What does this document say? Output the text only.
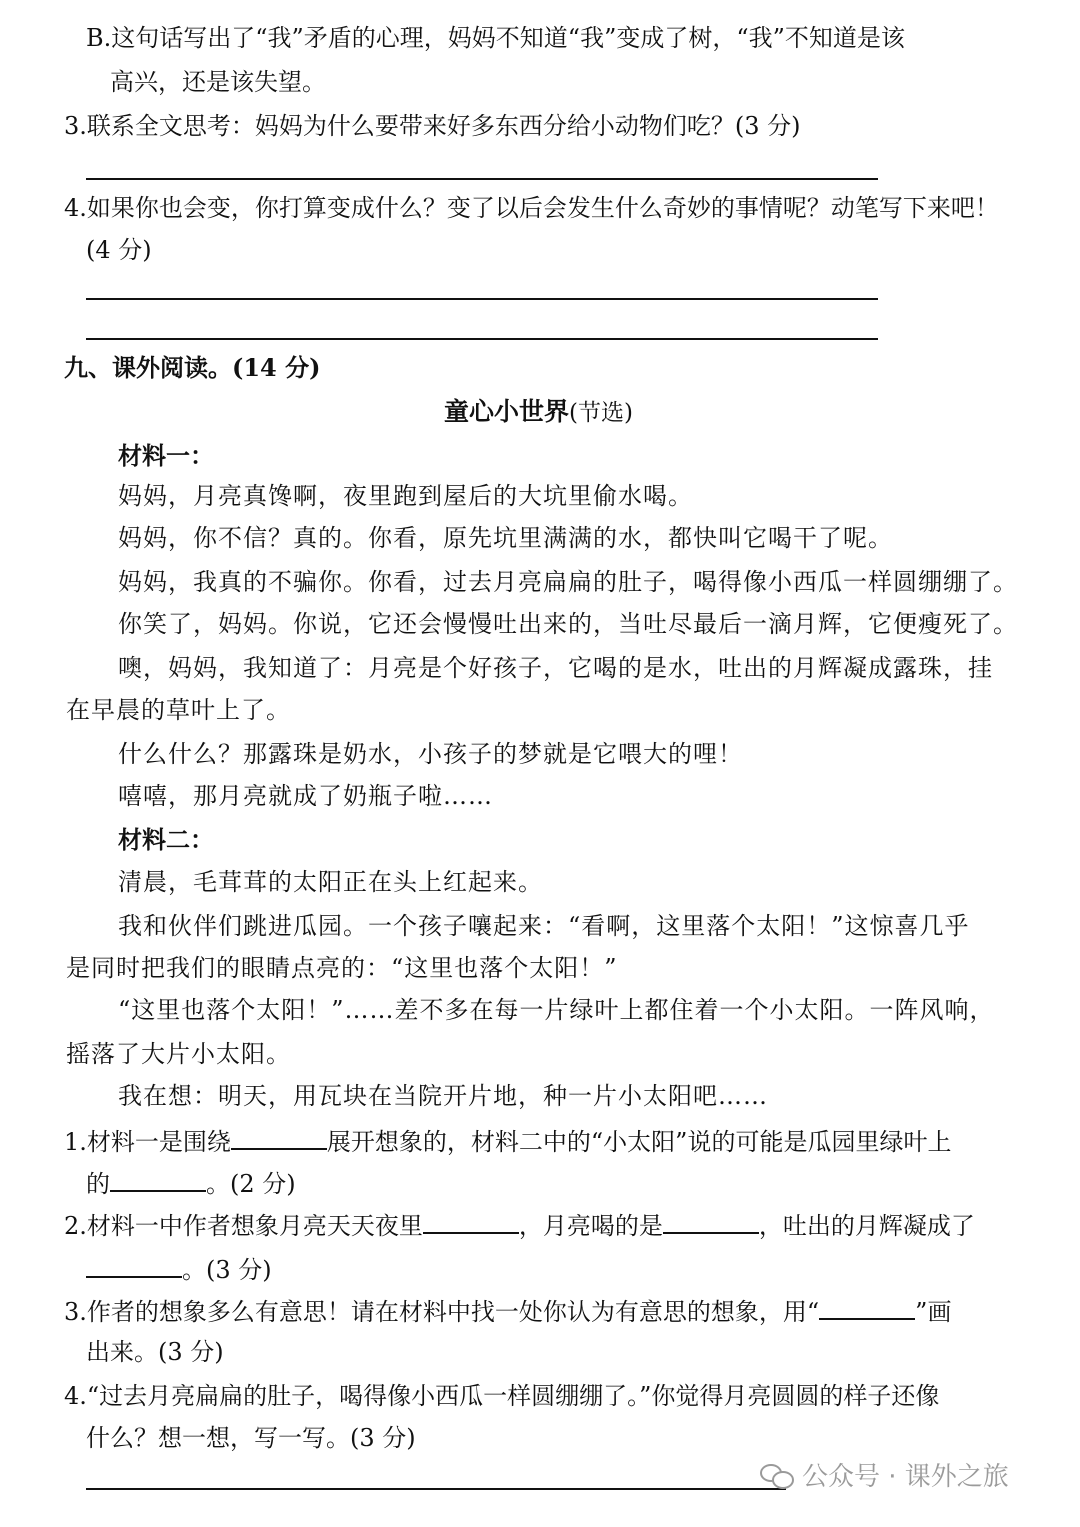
B.这句话写出了“我”矛盾的心理，妈妈不知道“我”变成了树，“我”不知道是该
高兴，还是该失望。
3.联系全文思考：妈妈为什么要带来好多东西分给小动物们吃？(3 分)
4.如果你也会变，你打算变成什么？变了以后会发生什么奇妙的事情呢？动笔写下来吧！
(4 分)
九、课外阅读。(14 分)
童心小世界(节选)
材料一：
妈妈，月亮真馋啊，夜里跑到屋后的大坑里偷水喝。
妈妈，你不信？真的。你看，原先坑里满满的水，都快叫它喝干了呢。
妈妈，我真的不骗你。你看，过去月亮扁扁的肚子，喝得像小西瓜一样圆绷绷了。
你笑了，妈妈。你说，它还会慢慢吐出来的，当吐尽最后一滴月辉，它便瘦死了。
噢，妈妈，我知道了：月亮是个好孩子，它喝的是水，吐出的月辉凝成露珠，挂
在早晨的草叶上了。
什么什么？那露珠是奶水，小孩子的梦就是它喂大的哩！
嘻嘻，那月亮就成了奶瓶子啦……
材料二：
清晨，毛茸茸的太阳正在头上红起来。
我和伙伴们跳进瓜园。一个孩子嚷起来：“看啊，这里落个太阳！”这惊喜几乎
是同时把我们的眼睛点亮的：“这里也落个太阳！”
“这里也落个太阳！”……差不多在每一片绿叶上都住着一个小太阳。一阵风响，
摇落了大片小太阳。
我在想：明天，用瓦块在当院开片地，种一片小太阳吧……
1.材料一是围绕	展开想象的，材料二中的“小太阳”说的可能是瓜园里绿叶上
的	。(2 分)
2.材料一中作者想象月亮天天夜里	，月亮喝的是	，吐出的月辉凝成了
。(3 分)
3.作者的想象多么有意思！请在材料中找一处你认为有意思的想象，用“	”画
出来。(3 分)
4.“过去月亮扁扁的肚子，喝得像小西瓜一样圆绷绷了。”你觉得月亮圆圆的样子还像
什么？想一想，写一写。(3 分)
公众号 · 课外之旅
